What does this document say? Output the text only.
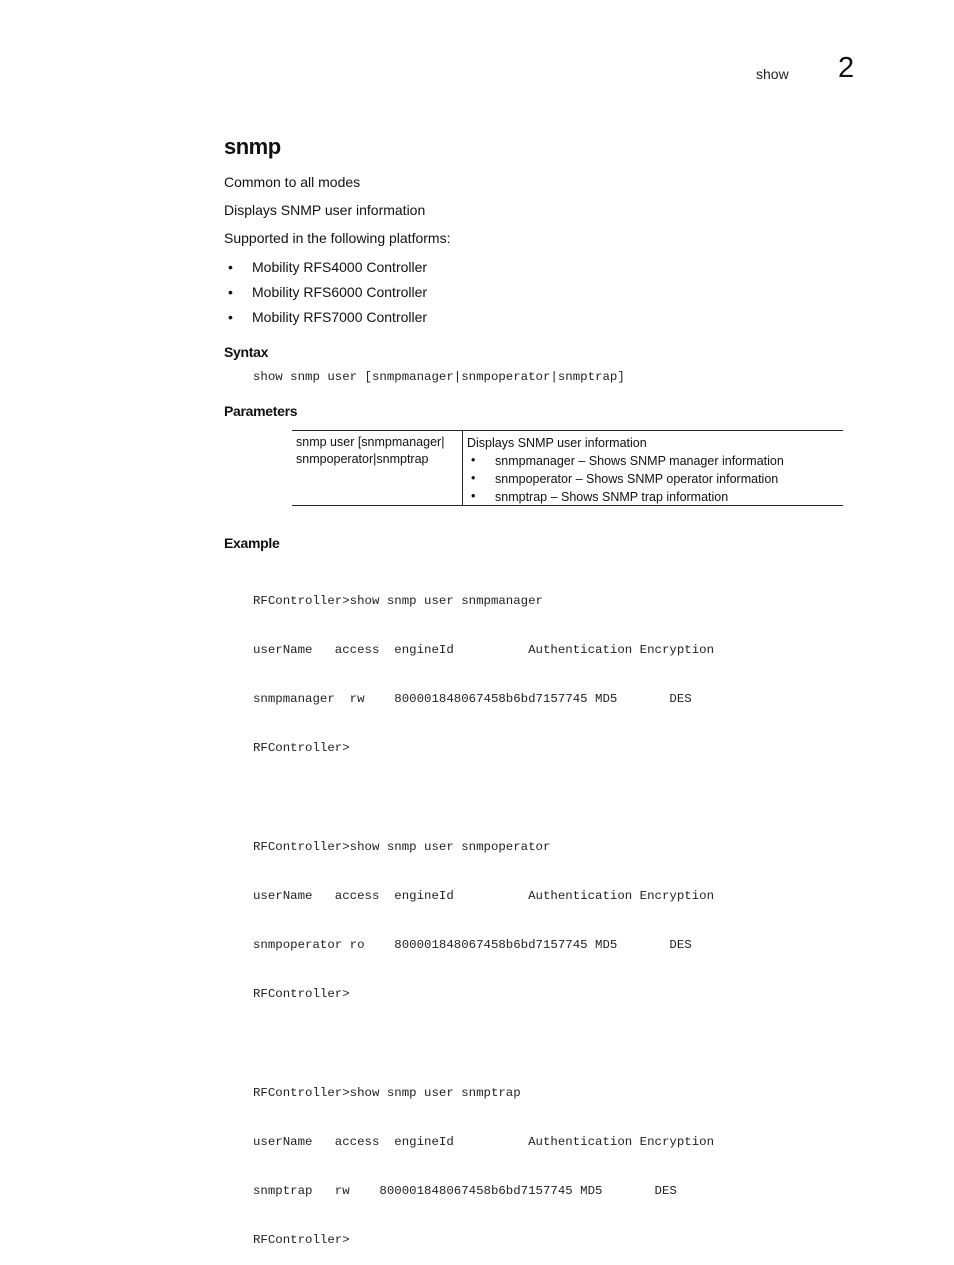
show 2
snmp

Common to all modes

Displays SNMP user information

Supported in the following platforms:

• Mobility RFS4000 Controller
• Mobility RFS6000 Controller
• Mobility RFS7000 Controller
Syntax
show snmp user [snmpmanager|snmpoperator|snmptrap]
Parameters
snmp user [snmpmanager|
snmpoperator|snmptrap
Displays SNMP user information
• snmpmanager – Shows SNMP manager information
• snmpoperator – Shows SNMP operator information
• snmptrap – Shows SNMP trap information
Example

RFController>show snmp user snmpmanager

userName   access  engineId          Authentication Encryption

snmpmanager  rw    800001848067458b6bd7157745 MD5       DES

RFController>

RFController>show snmp user snmpoperator

userName   access  engineId          Authentication Encryption

snmpoperator ro    800001848067458b6bd7157745 MD5       DES

RFController>

RFController>show snmp user snmptrap

userName   access  engineId          Authentication Encryption

snmptrap   rw    800001848067458b6bd7157745 MD5       DES

RFController>
